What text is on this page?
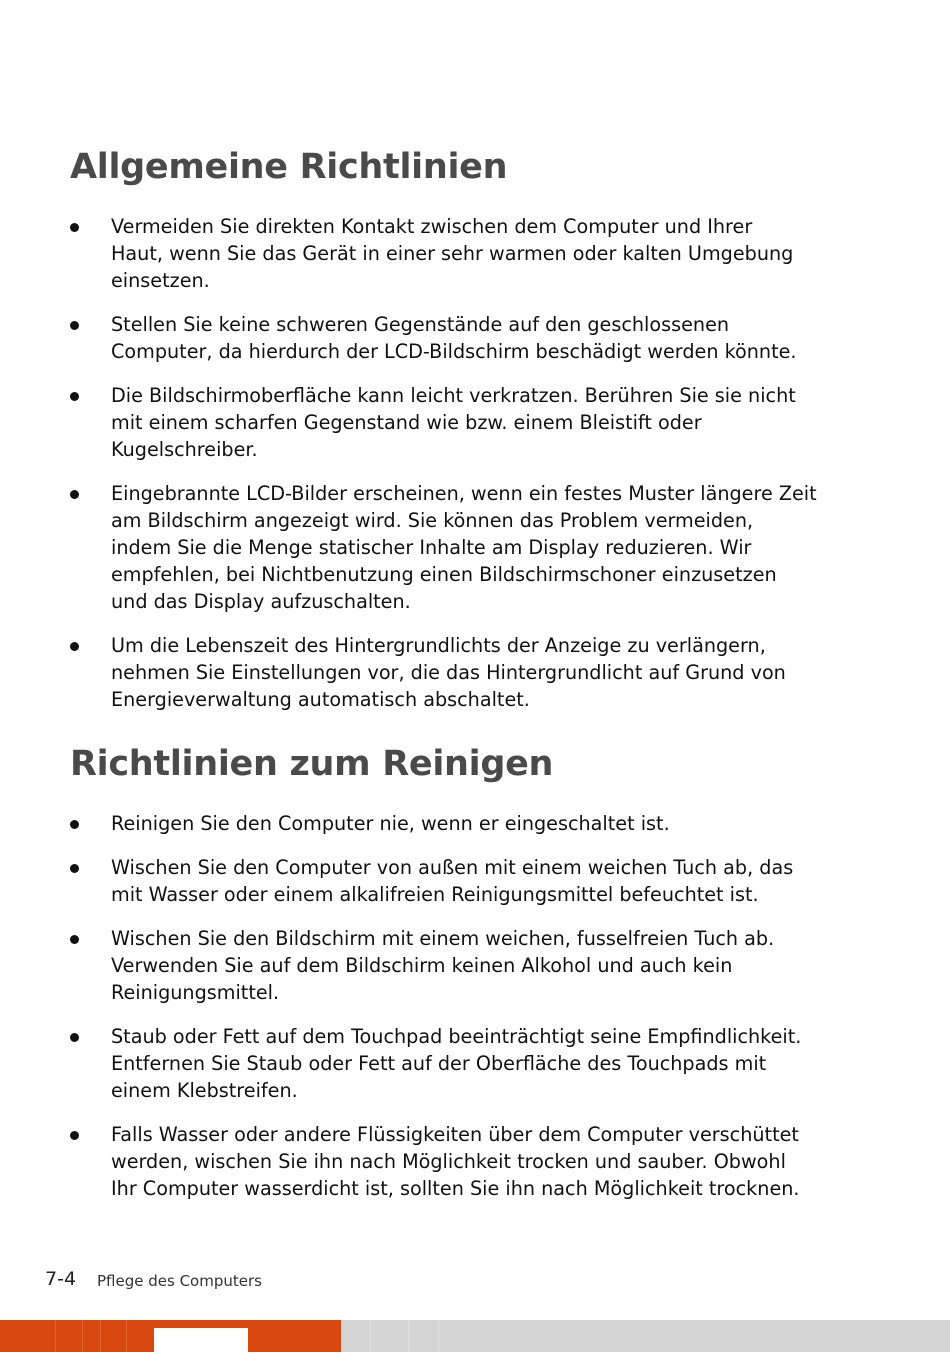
Allgemeine Richtlinien
Vermeiden Sie direkten Kontakt zwischen dem Computer und Ihrer
Haut, wenn Sie das Gerät in einer sehr warmen oder kalten Umgebung
einsetzen.
Stellen Sie keine schweren Gegenstände auf den geschlossenen
Computer, da hierdurch der LCD-Bildschirm beschädigt werden könnte.
Die Bildschirmoberfläche kann leicht verkratzen. Berühren Sie sie nicht
mit einem scharfen Gegenstand wie bzw. einem Bleistift oder
Kugelschreiber.
Eingebrannte LCD-Bilder erscheinen, wenn ein festes Muster längere Zeit
am Bildschirm angezeigt wird. Sie können das Problem vermeiden,
indem Sie die Menge statischer Inhalte am Display reduzieren. Wir
empfehlen, bei Nichtbenutzung einen Bildschirmschoner einzusetzen
und das Display aufzuschalten.
Um die Lebenszeit des Hintergrundlichts der Anzeige zu verlängern,
nehmen Sie Einstellungen vor, die das Hintergrundlicht auf Grund von
Energieverwaltung automatisch abschaltet.
Richtlinien zum Reinigen
Reinigen Sie den Computer nie, wenn er eingeschaltet ist.
Wischen Sie den Computer von außen mit einem weichen Tuch ab, das
mit Wasser oder einem alkalifreien Reinigungsmittel befeuchtet ist.
Wischen Sie den Bildschirm mit einem weichen, fusselfreien Tuch ab.
Verwenden Sie auf dem Bildschirm keinen Alkohol und auch kein
Reinigungsmittel.
Staub oder Fett auf dem Touchpad beeinträchtigt seine Empfindlichkeit.
Entfernen Sie Staub oder Fett auf der Oberfläche des Touchpads mit
einem Klebstreifen.
Falls Wasser oder andere Flüssigkeiten über dem Computer verschüttet
werden, wischen Sie ihn nach Möglichkeit trocken und sauber. Obwohl
Ihr Computer wasserdicht ist, sollten Sie ihn nach Möglichkeit trocknen.
7-4 Pflege des Computers
